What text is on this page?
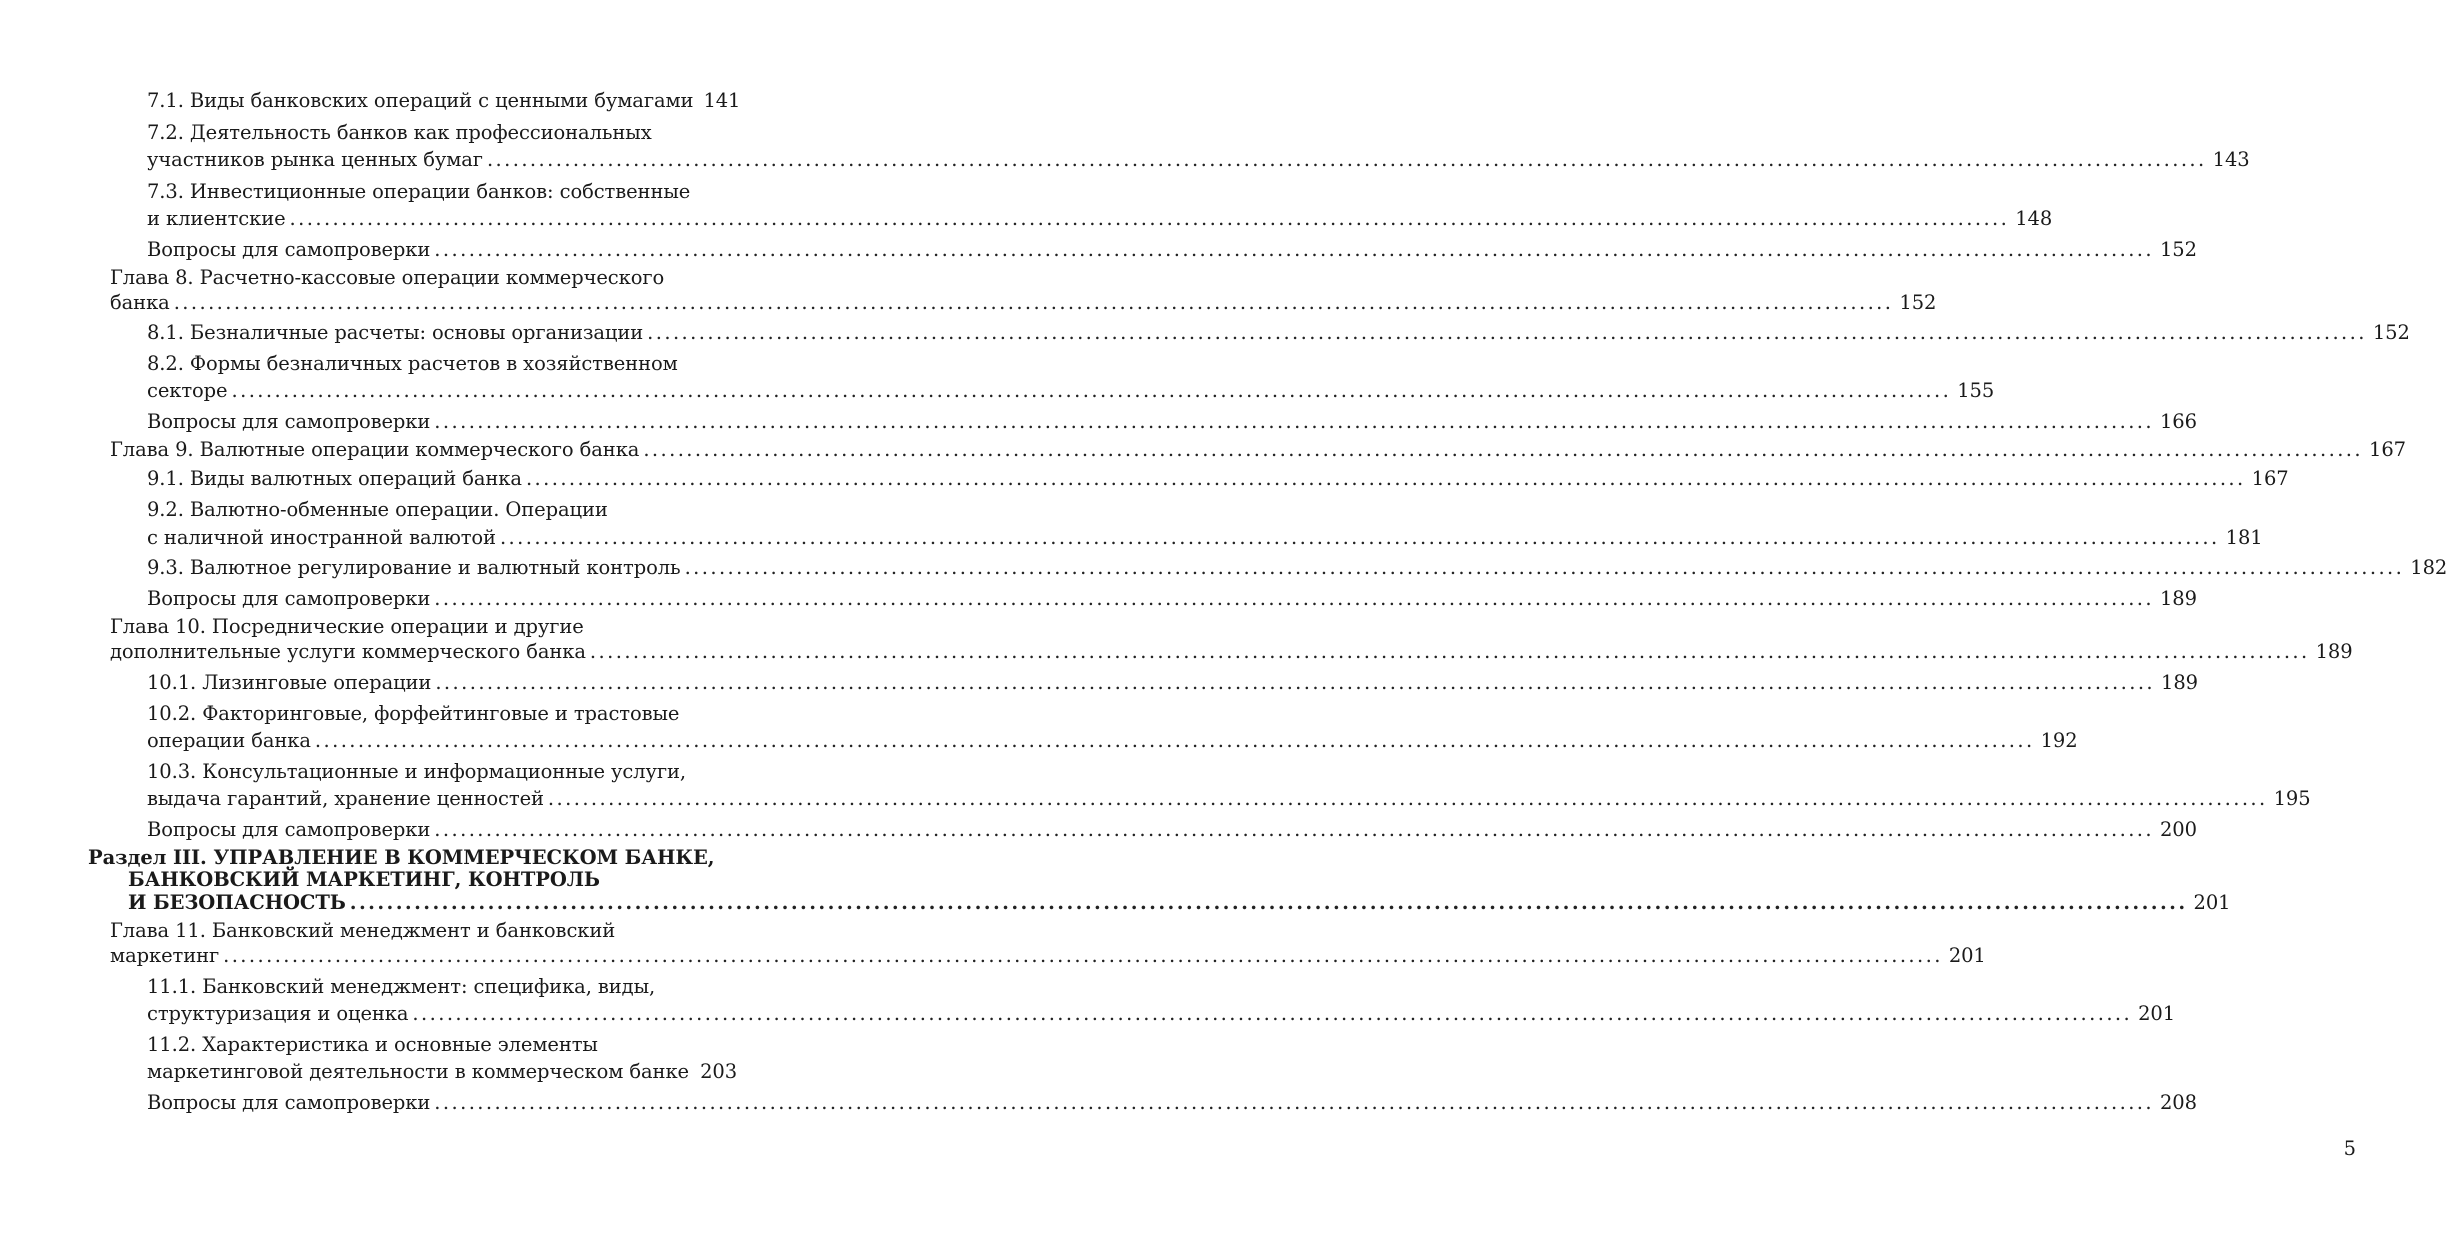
7.1. Виды банковских операций с ценными бумагами 141
7.2. Деятельность банков как профессиональных
участников рынка ценных бумаг ........................................................................................................................................................................................................ 143
7.3. Инвестиционные операции банков: собственные
и клиентские ........................................................................................................................................................................................................ 148
Вопросы для самопроверки ........................................................................................................................................................................................................ 152
Глава 8. Расчетно-кассовые операции коммерческого
банка ........................................................................................................................................................................................................ 152
8.1. Безналичные расчеты: основы организации ........................................................................................................................................................................................................ 152
8.2. Формы безналичных расчетов в хозяйственном
секторе ........................................................................................................................................................................................................ 155
Вопросы для самопроверки ........................................................................................................................................................................................................ 166
Глава 9. Валютные операции коммерческого банка ........................................................................................................................................................................................................ 167
9.1. Виды валютных операций банка ........................................................................................................................................................................................................ 167
9.2. Валютно-обменные операции. Операции
с наличной иностранной валютой ........................................................................................................................................................................................................ 181
9.3. Валютное регулирование и валютный контроль ........................................................................................................................................................................................................ 182
Вопросы для самопроверки ........................................................................................................................................................................................................ 189
Глава 10. Посреднические операции и другие
дополнительные услуги коммерческого банка ........................................................................................................................................................................................................ 189
10.1. Лизинговые операции ........................................................................................................................................................................................................ 189
10.2. Факторинговые, форфейтинговые и трастовые
операции банка ........................................................................................................................................................................................................ 192
10.3. Консультационные и информационные услуги,
выдача гарантий, хранение ценностей ........................................................................................................................................................................................................ 195
Вопросы для самопроверки ........................................................................................................................................................................................................ 200
Раздел III. УПРАВЛЕНИЕ В КОММЕРЧЕСКОМ БАНКЕ,
БАНКОВСКИЙ МАРКЕТИНГ, КОНТРОЛЬ
И БЕЗОПАСНОСТЬ ........................................................................................................................................................................................................ 201
Глава 11. Банковский менеджмент и банковский
маркетинг ........................................................................................................................................................................................................ 201
11.1. Банковский менеджмент: специфика, виды,
структуризация и оценка ........................................................................................................................................................................................................ 201
11.2. Характеристика и основные элементы
маркетинговой деятельности в коммерческом банке 203
Вопросы для самопроверки ........................................................................................................................................................................................................ 208
5
